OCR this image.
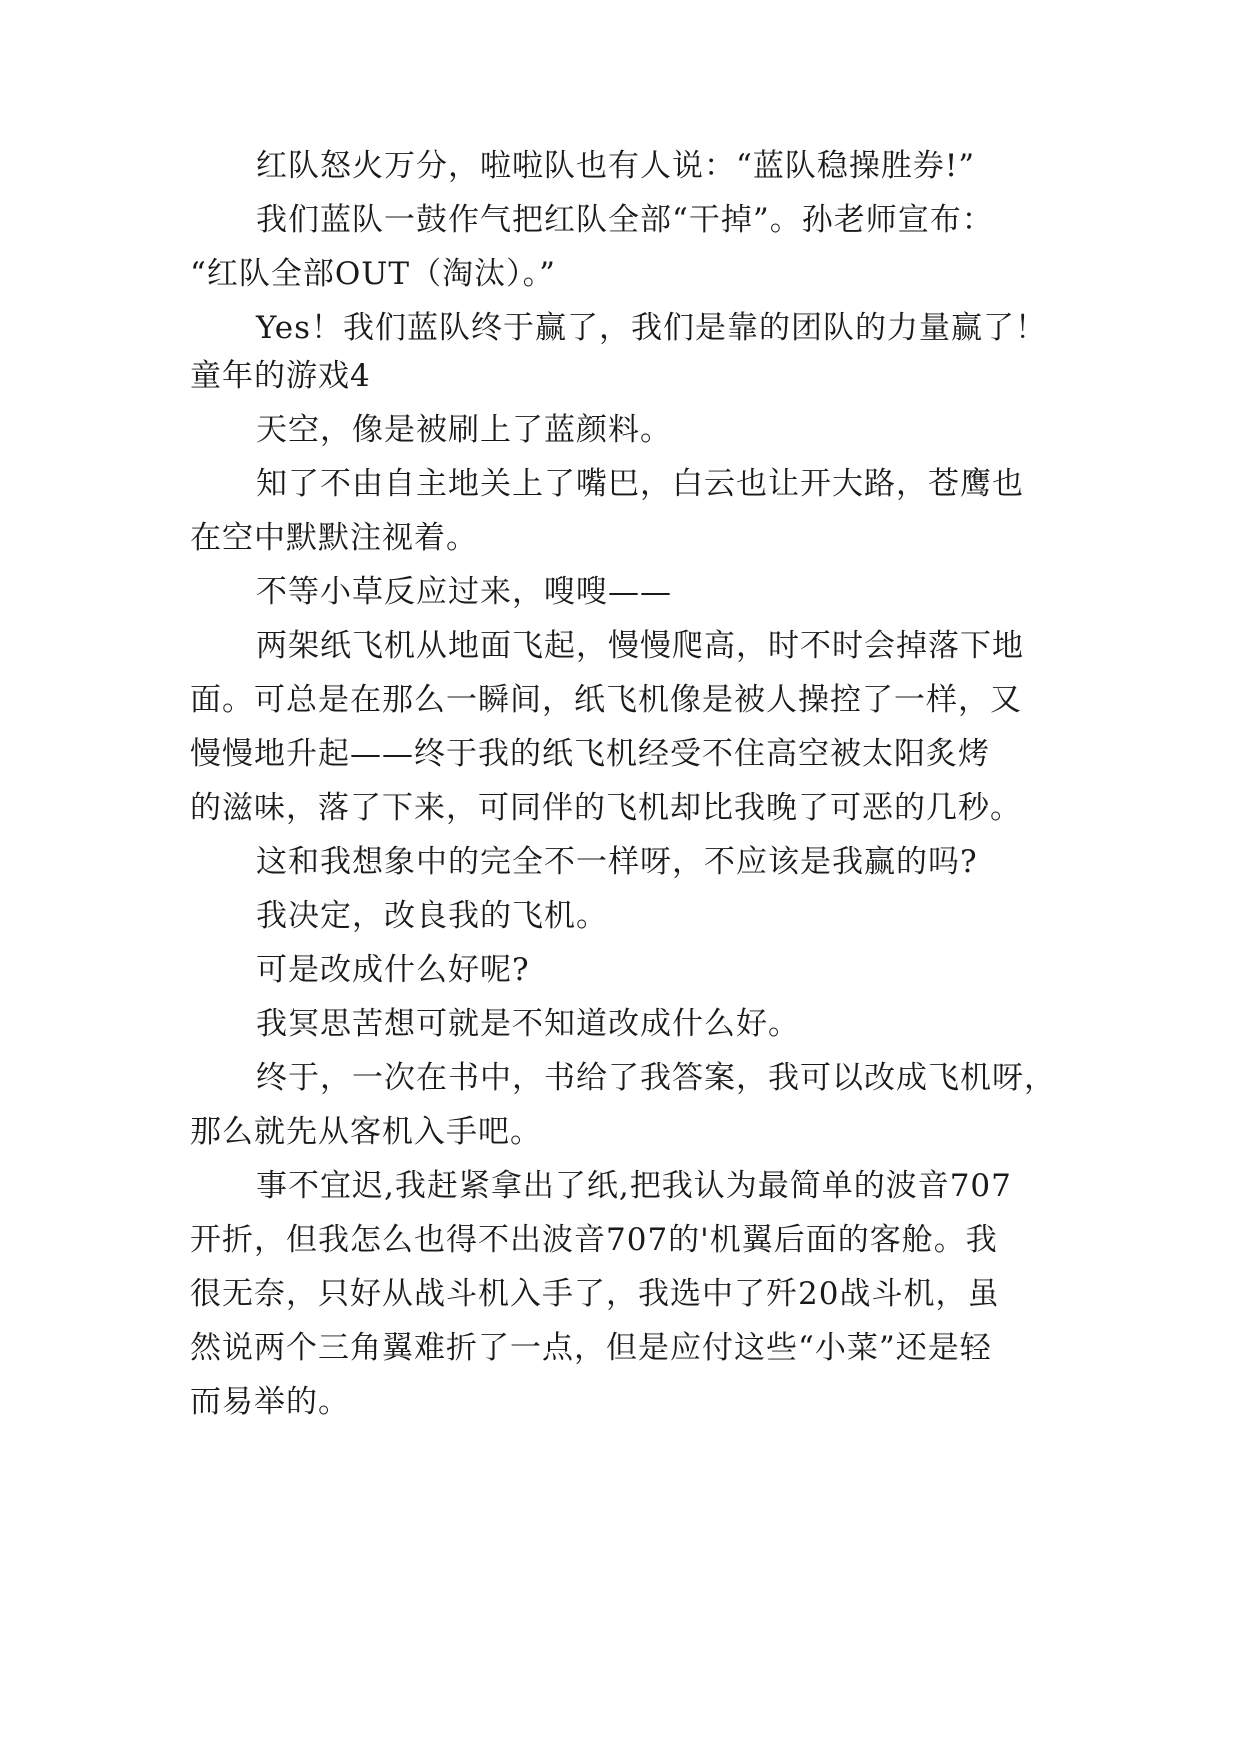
红队怒火万分，啦啦队也有人说：“蓝队稳操胜券!”
我们蓝队一鼓作气把红队全部“干掉”。孙老师宣布：
“红队全部OUT（淘汰）。”
Yes！我们蓝队终于赢了，我们是靠的团队的力量赢了！
童年的游戏4
天空，像是被刷上了蓝颜料。
知了不由自主地关上了嘴巴，白云也让开大路，苍鹰也
在空中默默注视着。
不等小草反应过来，嗖嗖——
两架纸飞机从地面飞起，慢慢爬高，时不时会掉落下地
面。可总是在那么一瞬间，纸飞机像是被人操控了一样，又
慢慢地升起——终于我的纸飞机经受不住高空被太阳炙烤
的滋味，落了下来，可同伴的飞机却比我晚了可恶的几秒。
这和我想象中的完全不一样呀，不应该是我赢的吗?
我决定，改良我的飞机。
可是改成什么好呢?
我冥思苦想可就是不知道改成什么好。
终于，一次在书中，书给了我答案，我可以改成飞机呀，
那么就先从客机入手吧。
事不宜迟,我赶紧拿出了纸,把我认为最简单的波音707
开折，但我怎么也得不出波音707的'机翼后面的客舱。我
很无奈，只好从战斗机入手了，我选中了歼20战斗机，虽
然说两个三角翼难折了一点，但是应付这些“小菜”还是轻
而易举的。
